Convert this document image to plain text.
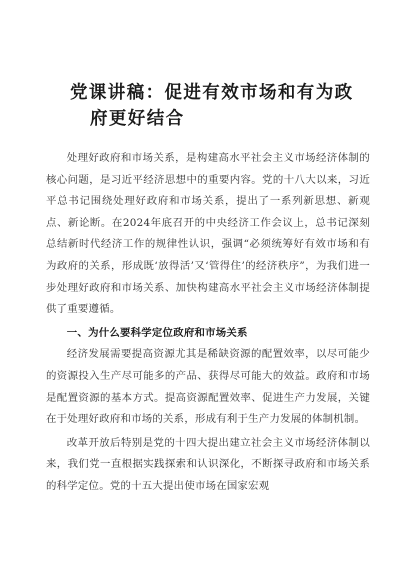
党课讲稿：促进有效市场和有为政
府更好结合

处理好政府和市场关系，是构建高水平社会主义市场经济体制的核心问题，是习近平经济思想中的重要内容。党的十八大以来，习近平总书记围绕处理好政府和市场关系，提出了一系列新思想、新观点、新论断。在2024年底召开的中央经济工作会议上，总书记深刻总结新时代经济工作的规律性认识，强调“必须统筹好有效市场和有为政府的关系，形成既‘放得活’又‘管得住’的经济秩序”，为我们进一步处理好政府和市场关系、加快构建高水平社会主义市场经济体制提供了重要遵循。

一、为什么要科学定位政府和市场关系

经济发展需要提高资源尤其是稀缺资源的配置效率，以尽可能少的资源投入生产尽可能多的产品、获得尽可能大的效益。政府和市场是配置资源的基本方式。提高资源配置效率、促进生产力发展，关键在于处理好政府和市场的关系，形成有利于生产力发展的体制机制。

改革开放后特别是党的十四大提出建立社会主义市场经济体制以来，我们党一直根据实践探索和认识深化，不断探寻政府和市场关系的科学定位。党的十五大提出使市场在国家宏观
